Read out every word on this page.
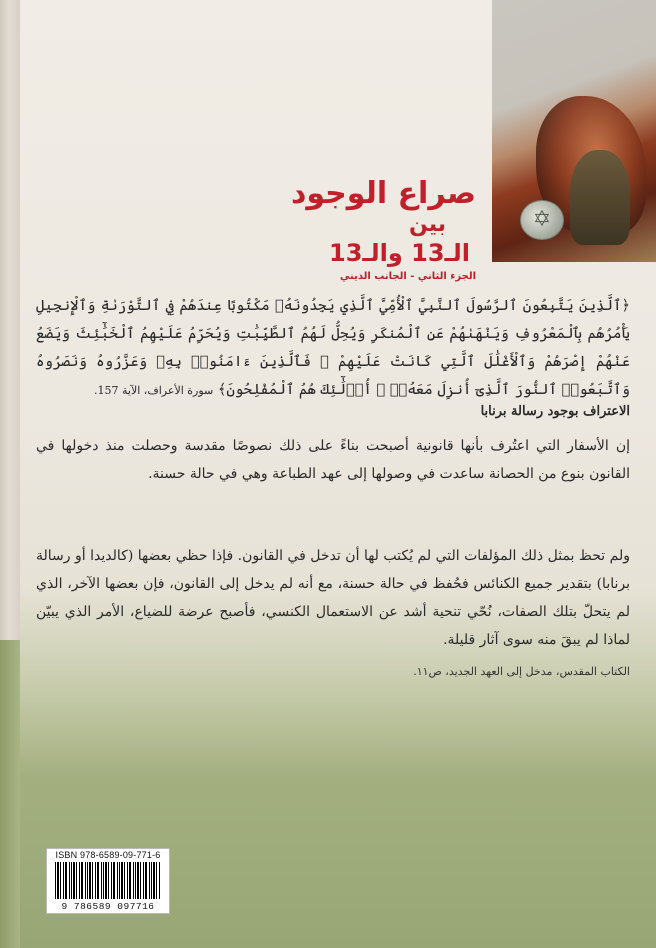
✡
صراع الوجود
بين
الـ13 والـ13
الجزء الثاني - الجانب الديني
﴿ٱلَّذِينَ يَتَّبِعُونَ ٱلرَّسُولَ ٱلنَّبِيَّ ٱلْأُمِّيَّ ٱلَّذِي يَجِدُونَهُۥ مَكْتُوبًا عِندَهُمْ فِي ٱلتَّوْرَىٰةِ وَٱلْإِنجِيلِ يَأْمُرُهُم بِٱلْمَعْرُوفِ وَيَنْهَىٰهُمْ عَنِ ٱلْمُنكَرِ وَيُحِلُّ لَهُمُ ٱلطَّيِّبَٰتِ وَيُحَرِّمُ عَلَيْهِمُ ٱلْخَبَٰٓئِثَ وَيَضَعُ عَنْهُمْ إِصْرَهُمْ وَٱلْأَغْلَٰلَ ٱلَّتِي كَانَتْ عَلَيْهِمْ ۚ فَٱلَّذِينَ ءَامَنُوا۟ بِهِۦ وَعَزَّرُوهُ وَنَصَرُوهُ وَٱتَّبَعُوا۟ ٱلنُّورَ ٱلَّذِىٓ أُنزِلَ مَعَهُۥٓ ۙ أُو۟لَٰٓئِكَ هُمُ ٱلْمُفْلِحُونَ﴾ سورة الأعراف، الآية 157.
الاعتراف بوجود رسالة برنابا
إن الأسفار التي اعتُرف بأنها قانونية أصبحت بناءً على ذلك نصوصًا مقدسة وحصلت منذ دخولها في القانون بنوع من الحصانة ساعدت في وصولها إلى عهد الطباعة وهي في حالة حسنة.
ولم تحظ بمثل ذلك المؤلفات التي لم يُكتب لها أن تدخل في القانون. فإذا حظي بعضها (كالديدا أو رسالة برنابا) بتقدير جميع الكنائس فحُفظ في حالة حسنة، مع أنه لم يدخل إلى القانون، فإن بعضها الآخر، الذي لم يتحلّ بتلك الصفات، نُحّي تنحية أشد عن الاستعمال الكنسي، فأصبح عرضة للضياع، الأمر الذي يبيّن لماذا لم يبقَ منه سوى آثار قليلة.
الكتاب المقدس، مدخل إلى العهد الجديد، ص١١.
ISBN 978-6589-09-771-6
9 786589 097716
